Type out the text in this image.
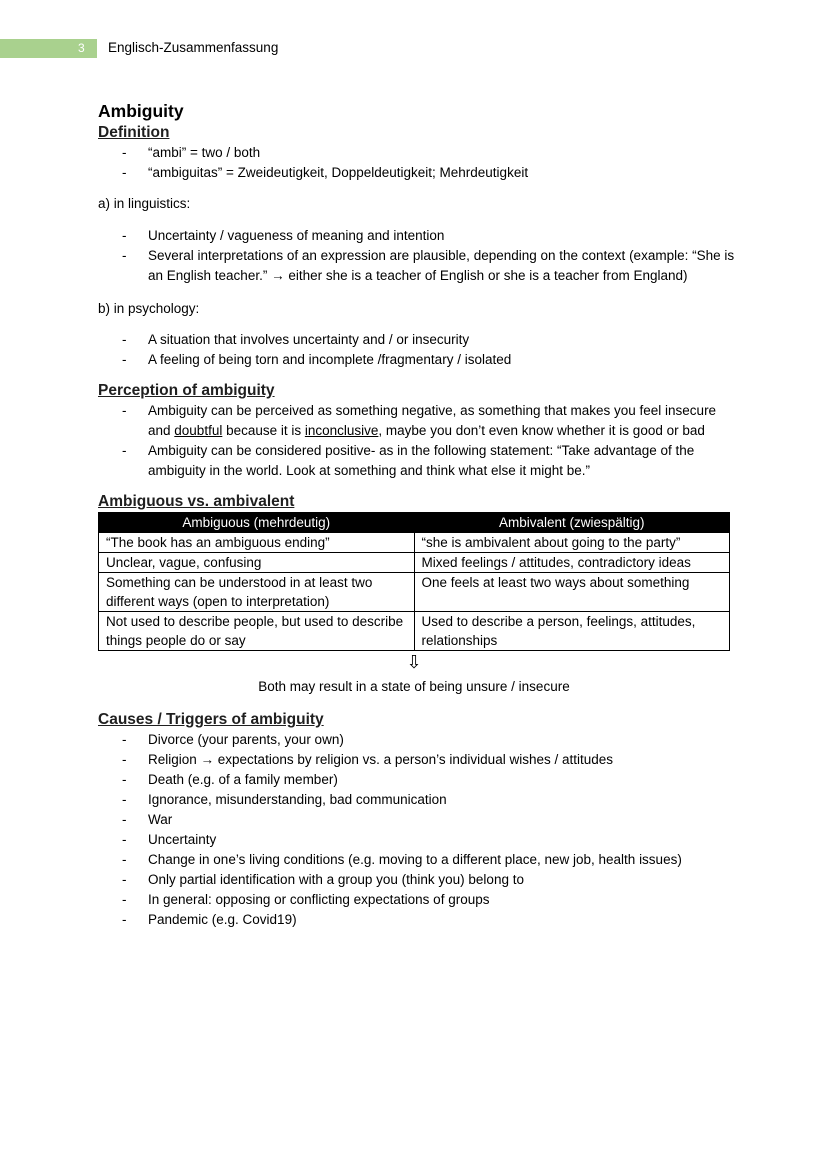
3 Englisch-Zusammenfassung
Ambiguity
Definition
- “ambi” = two / both
- “ambiguitas” = Zweideutigkeit, Doppeldeutigkeit; Mehrdeutigkeit

a) in linguistics:

- Uncertainty / vagueness of meaning and intention
- Several interpretations of an expression are plausible, depending on the context (example: “She is an English teacher.” → either she is a teacher of English or she is a teacher from England)

b) in psychology:

- A situation that involves uncertainty and / or insecurity
- A feeling of being torn and incomplete /fragmentary / isolated
Perception of ambiguity
- Ambiguity can be perceived as something negative, as something that makes you feel insecure and doubtful because it is inconclusive, maybe you don’t even know whether it is good or bad
- Ambiguity can be considered positive- as in the following statement: “Take advantage of the ambiguity in the world. Look at something and think what else it might be.”
Ambiguous vs. ambivalent
Ambiguous (mehrdeutig)	Ambivalent (zwiespältig)
“The book has an ambiguous ending”	“she is ambivalent about going to the party”
Unclear, vague, confusing	Mixed feelings / attitudes, contradictory ideas
Something can be understood in at least two different ways (open to interpretation)	One feels at least two ways about something
Not used to describe people, but used to describe things people do or say	Used to describe a person, feelings, attitudes, relationships
⇩

Both may result in a state of being unsure / insecure

Causes / Triggers of ambiguity
- Divorce (your parents, your own)
- Religion → expectations by religion vs. a person’s individual wishes / attitudes
- Death (e.g. of a family member)
- Ignorance, misunderstanding, bad communication
- War
- Uncertainty
- Change in one’s living conditions (e.g. moving to a different place, new job, health issues)
- Only partial identification with a group you (think you) belong to
- In general: opposing or conflicting expectations of groups
- Pandemic (e.g. Covid19)
